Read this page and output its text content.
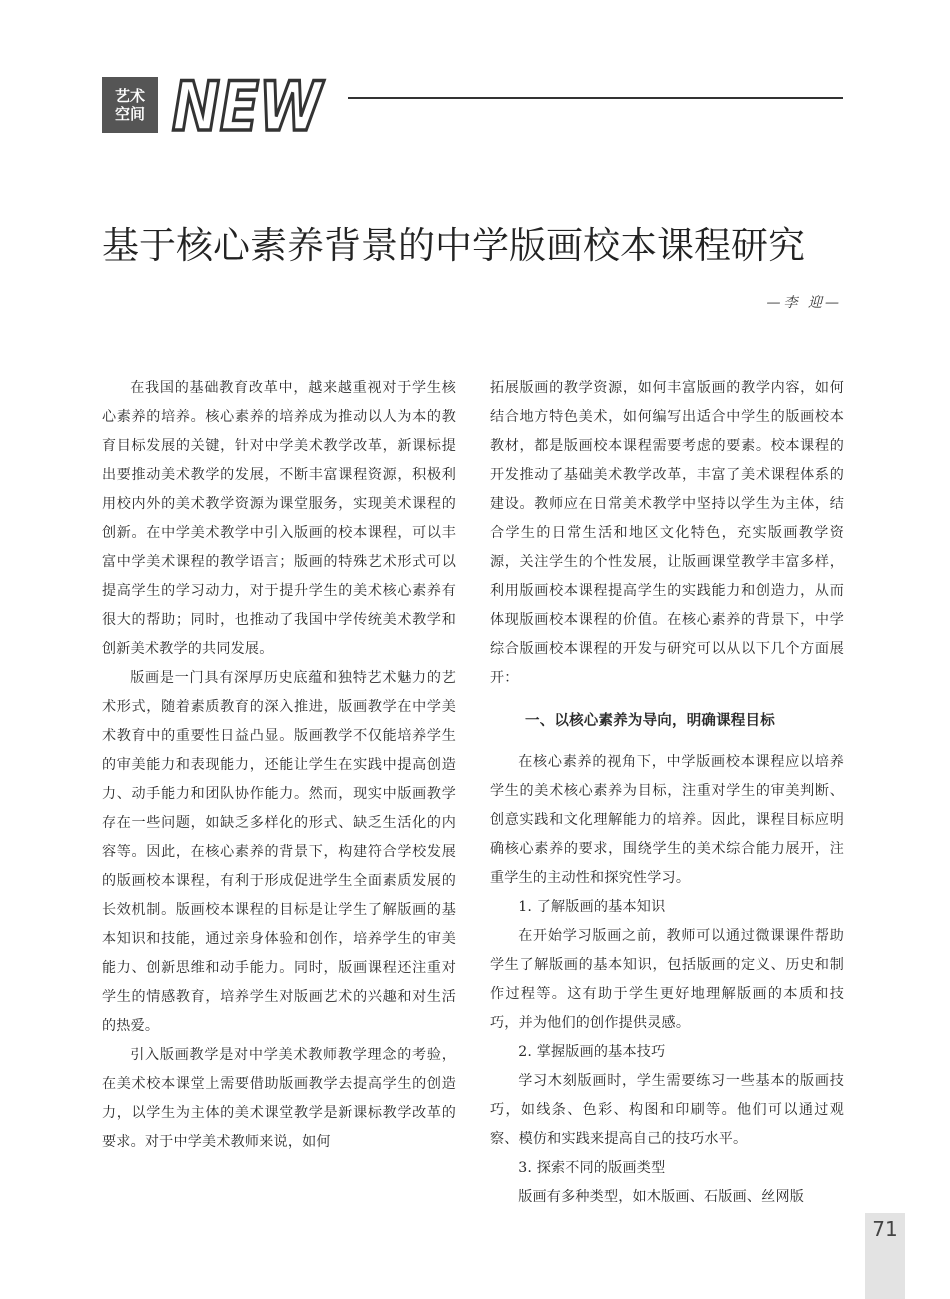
艺术
空间 NEW
基于核心素养背景的中学版画校本课程研究
—李 迎—

在我国的基础教育改革中，越来越重视对于学生核心素养的培养。核心素养的培养成为推动以人为本的教育目标发展的关键，针对中学美术教学改革，新课标提出要推动美术教学的发展，不断丰富课程资源，积极利用校内外的美术教学资源为课堂服务，实现美术课程的创新。在中学美术教学中引入版画的校本课程，可以丰富中学美术课程的教学语言；版画的特殊艺术形式可以提高学生的学习动力，对于提升学生的美术核心素养有很大的帮助；同时，也推动了我国中学传统美术教学和创新美术教学的共同发展。

版画是一门具有深厚历史底蕴和独特艺术魅力的艺术形式，随着素质教育的深入推进，版画教学在中学美术教育中的重要性日益凸显。版画教学不仅能培养学生的审美能力和表现能力，还能让学生在实践中提高创造力、动手能力和团队协作能力。然而，现实中版画教学存在一些问题，如缺乏多样化的形式、缺乏生活化的内容等。因此，在核心素养的背景下，构建符合学校发展的版画校本课程，有利于形成促进学生全面素质发展的长效机制。版画校本课程的目标是让学生了解版画的基本知识和技能，通过亲身体验和创作，培养学生的审美能力、创新思维和动手能力。同时，版画课程还注重对学生的情感教育，培养学生对版画艺术的兴趣和对生活的热爱。

引入版画教学是对中学美术教师教学理念的考验，在美术校本课堂上需要借助版画教学去提高学生的创造力，以学生为主体的美术课堂教学是新课标教学改革的要求。对于中学美术教师来说，如何

拓展版画的教学资源，如何丰富版画的教学内容，如何结合地方特色美术，如何编写出适合中学生的版画校本教材，都是版画校本课程需要考虑的要素。校本课程的开发推动了基础美术教学改革，丰富了美术课程体系的建设。教师应在日常美术教学中坚持以学生为主体，结合学生的日常生活和地区文化特色，充实版画教学资源，关注学生的个性发展，让版画课堂教学丰富多样，利用版画校本课程提高学生的实践能力和创造力，从而体现版画校本课程的价值。在核心素养的背景下，中学综合版画校本课程的开发与研究可以从以下几个方面展开：

一、以核心素养为导向，明确课程目标

在核心素养的视角下，中学版画校本课程应以培养学生的美术核心素养为目标，注重对学生的审美判断、创意实践和文化理解能力的培养。因此，课程目标应明确核心素养的要求，围绕学生的美术综合能力展开，注重学生的主动性和探究性学习。

1. 了解版画的基本知识

在开始学习版画之前，教师可以通过微课课件帮助学生了解版画的基本知识，包括版画的定义、历史和制作过程等。这有助于学生更好地理解版画的本质和技巧，并为他们的创作提供灵感。

2. 掌握版画的基本技巧

学习木刻版画时，学生需要练习一些基本的版画技巧，如线条、色彩、构图和印刷等。他们可以通过观察、模仿和实践来提高自己的技巧水平。

3. 探索不同的版画类型

版画有多种类型，如木版画、石版画、丝网版

71
